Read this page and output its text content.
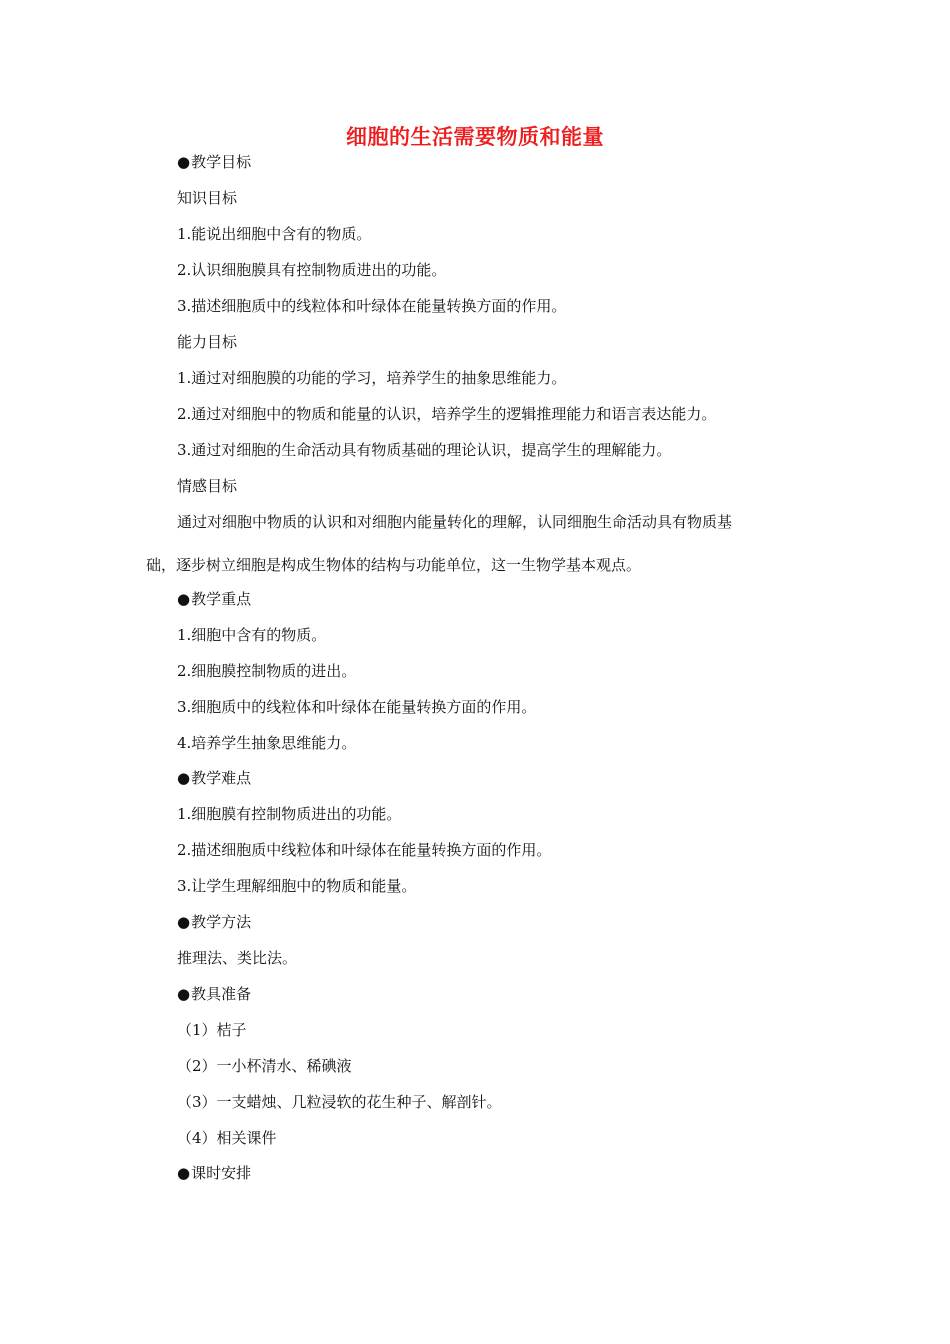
细胞的生活需要物质和能量
●教学目标
知识目标
1.能说出细胞中含有的物质。
2.认识细胞膜具有控制物质进出的功能。
3.描述细胞质中的线粒体和叶绿体在能量转换方面的作用。
能力目标
1.通过对细胞膜的功能的学习，培养学生的抽象思维能力。
2.通过对细胞中的物质和能量的认识，培养学生的逻辑推理能力和语言表达能力。
3.通过对细胞的生命活动具有物质基础的理论认识，提高学生的理解能力。
情感目标
通过对细胞中物质的认识和对细胞内能量转化的理解，认同细胞生命活动具有物质基
础，逐步树立细胞是构成生物体的结构与功能单位，这一生物学基本观点。
●教学重点
1.细胞中含有的物质。
2.细胞膜控制物质的进出。
3.细胞质中的线粒体和叶绿体在能量转换方面的作用。
4.培养学生抽象思维能力。
●教学难点
1.细胞膜有控制物质进出的功能。
2.描述细胞质中线粒体和叶绿体在能量转换方面的作用。
3.让学生理解细胞中的物质和能量。
●教学方法
推理法、类比法。
●教具准备
（1）桔子
（2）一小杯清水、稀碘液
（3）一支蜡烛、几粒浸软的花生种子、解剖针。
（4）相关课件
●课时安排
